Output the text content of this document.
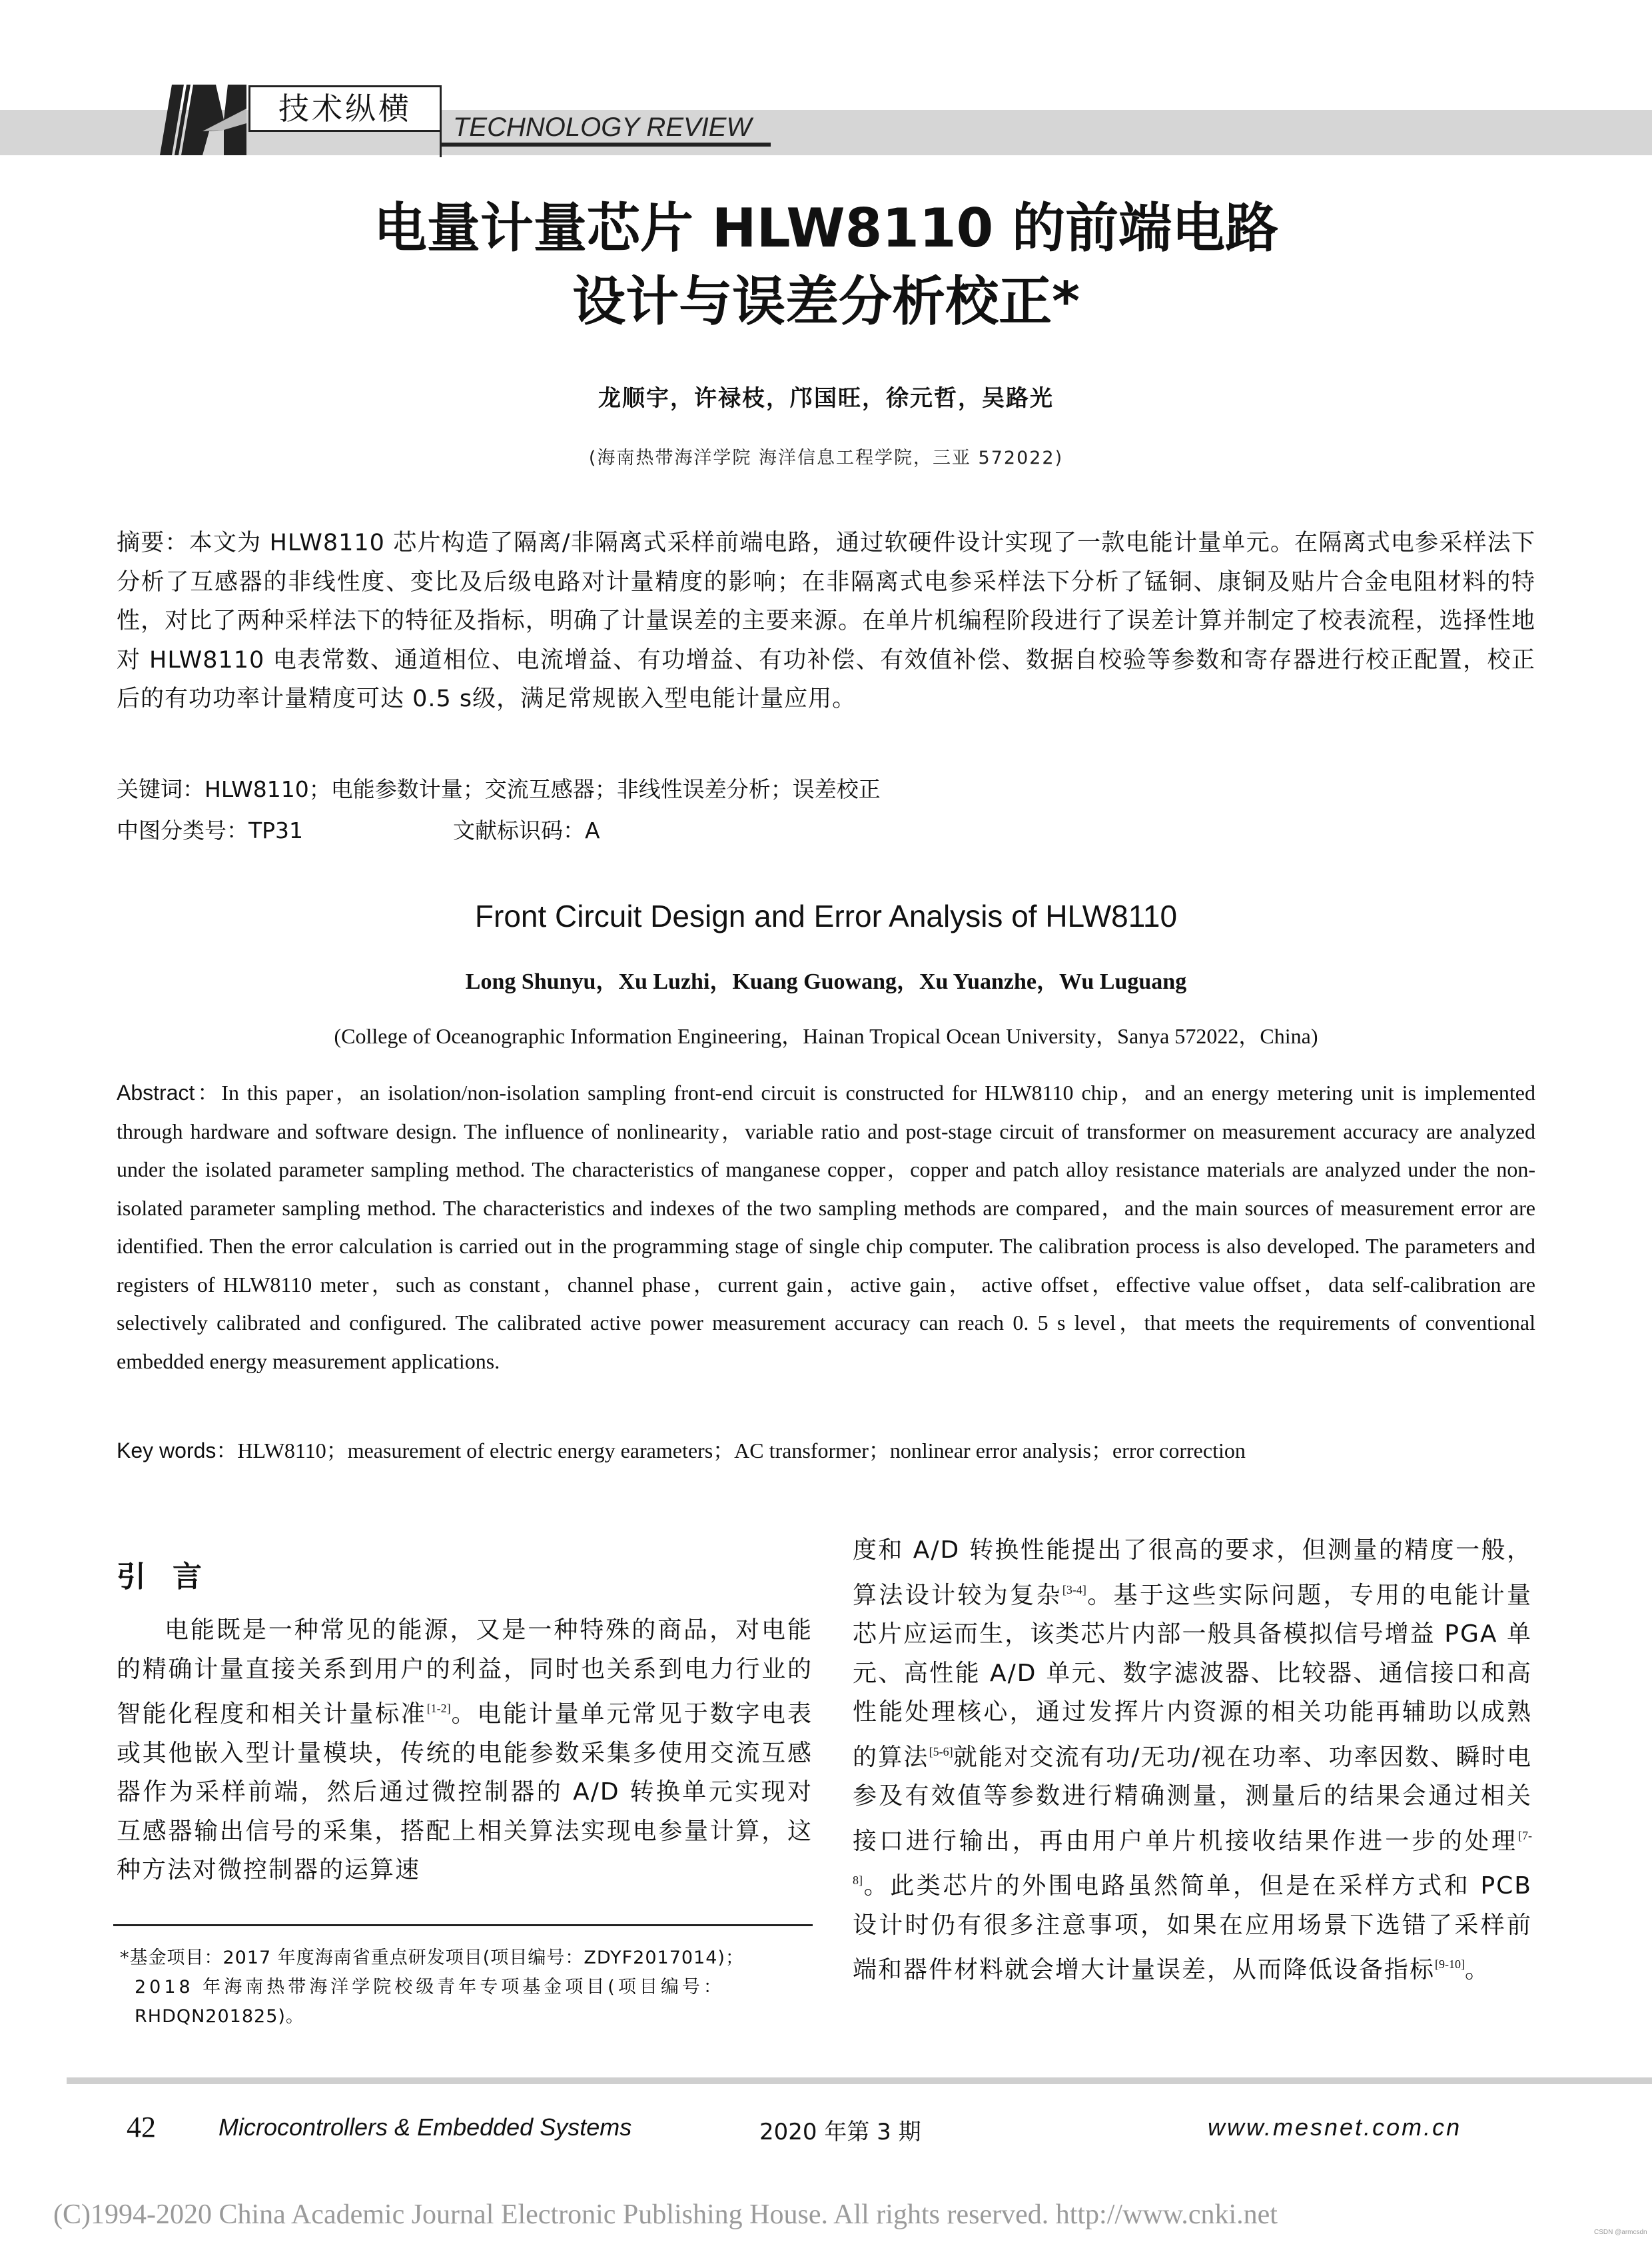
技术纵横
TECHNOLOGY REVIEW
电量计量芯片 HLW8110 的前端电路
设计与误差分析校正*
龙顺宇，许禄枝，邝国旺，徐元哲，吴路光
(海南热带海洋学院 海洋信息工程学院，三亚 572022)
摘要：本文为 HLW8110 芯片构造了隔离/非隔离式采样前端电路，通过软硬件设计实现了一款电能计量单元。在隔离式电参采样法下分析了互感器的非线性度、变比及后级电路对计量精度的影响；在非隔离式电参采样法下分析了锰铜、康铜及贴片合金电阻材料的特性，对比了两种采样法下的特征及指标，明确了计量误差的主要来源。在单片机编程阶段进行了误差计算并制定了校表流程，选择性地对 HLW8110 电表常数、通道相位、电流增益、有功增益、有功补偿、有效值补偿、数据自校验等参数和寄存器进行校正配置，校正后的有功功率计量精度可达 0.5 s级，满足常规嵌入型电能计量应用。
关键词：HLW8110；电能参数计量；交流互感器；非线性误差分析；误差校正
中图分类号：TP31	文献标识码：A
Front Circuit Design and Error Analysis of HLW8110
Long Shunyu，Xu Luzhi，Kuang Guowang，Xu Yuanzhe，Wu Luguang
(College of Oceanographic Information Engineering，Hainan Tropical Ocean University，Sanya 572022，China)
Abstract：In this paper，an isolation/non-isolation sampling front-end circuit is constructed for HLW8110 chip，and an energy metering unit is implemented through hardware and software design. The influence of nonlinearity，variable ratio and post-stage circuit of transformer on measurement accuracy are analyzed under the isolated parameter sampling method. The characteristics of manganese copper，copper and patch alloy resistance materials are analyzed under the non-isolated parameter sampling method. The characteristics and indexes of the two sampling methods are compared，and the main sources of measurement error are identified. Then the error calculation is carried out in the programming stage of single chip computer. The calibration process is also developed. The parameters and registers of HLW8110 meter，such as constant，channel phase，current gain，active gain， active offset，effective value offset，data self-calibration are selectively calibrated and configured. The calibrated active power measurement accuracy can reach 0. 5 s level，that meets the requirements of conventional embedded energy measurement applications.
Key words：HLW8110；measurement of electric energy earameters；AC transformer；nonlinear error analysis；error correction
引言
电能既是一种常见的能源，又是一种特殊的商品，对电能的精确计量直接关系到用户的利益，同时也关系到电力行业的智能化程度和相关计量标准[1-2]。电能计量单元常见于数字电表或其他嵌入型计量模块，传统的电能参数采集多使用交流互感器作为采样前端，然后通过微控制器的 A/D 转换单元实现对互感器输出信号的采集，搭配上相关算法实现电参量计算，这种方法对微控制器的运算速
度和 A/D 转换性能提出了很高的要求，但测量的精度一般，算法设计较为复杂[3-4]。基于这些实际问题，专用的电能计量芯片应运而生，该类芯片内部一般具备模拟信号增益 PGA 单元、高性能 A/D 单元、数字滤波器、比较器、通信接口和高性能处理核心，通过发挥片内资源的相关功能再辅助以成熟的算法[5-6]就能对交流有功/无功/视在功率、功率因数、瞬时电参及有效值等参数进行精确测量，测量后的结果会通过相关接口进行输出，再由用户单片机接收结果作进一步的处理[7-8]。此类芯片的外围电路虽然简单，但是在采样方式和 PCB 设计时仍有很多注意事项，如果在应用场景下选错了采样前端和器件材料就会增大计量误差，从而降低设备指标[9-10]。
*基金项目：2017 年度海南省重点研发项目(项目编号：ZDYF2017014)；
2018 年海南热带海洋学院校级青年专项基金项目(项目编号：
RHDQN201825)。
42	Microcontrollers & Embedded Systems	2020 年第 3 期	www.mesnet.com.cn
(C)1994-2020 China Academic Journal Electronic Publishing House. All rights reserved. http://www.cnki.net
CSDN @armcsdn
